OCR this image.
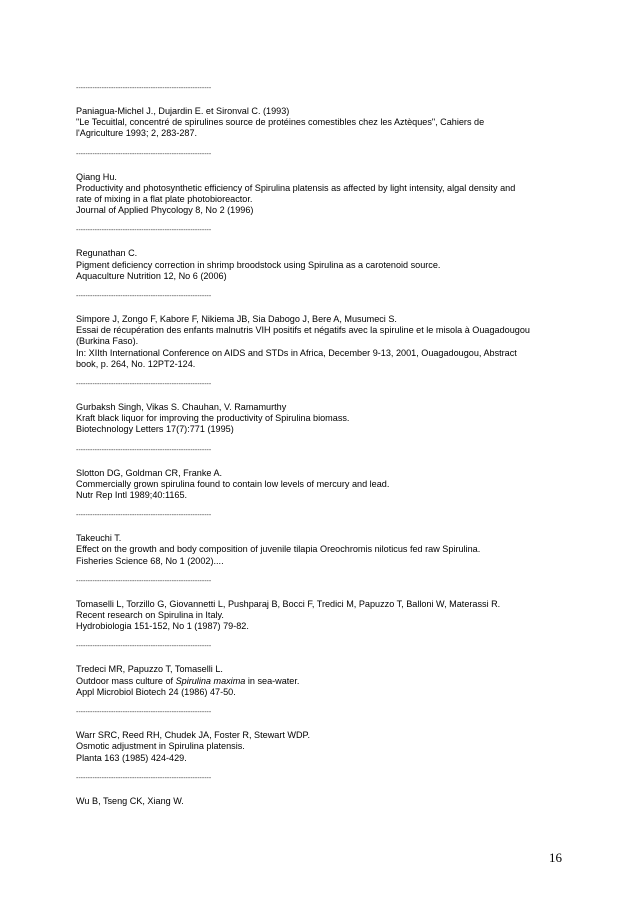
----------------------------------------------------------
Paniagua-Michel J., Dujardin E. et Sironval C. (1993)
"Le Tecuitlal, concentré de spirulines source de protéines comestibles chez les Aztèques", Cahiers de
l'Agriculture 1993; 2, 283-287.
----------------------------------------------------------
Qiang Hu.
Productivity and photosynthetic efficiency of Spirulina platensis as affected by light intensity, algal density and
rate of mixing in a flat plate photobioreactor.
Journal of Applied Phycology 8, No 2 (1996)
----------------------------------------------------------
Regunathan C.
Pigment deficiency correction in shrimp broodstock using Spirulina as a carotenoid source.
Aquaculture Nutrition 12, No 6 (2006)
----------------------------------------------------------
Simpore J, Zongo F, Kabore F, Nikiema JB, Sia Dabogo J, Bere A, Musumeci S.
Essai de récupération des enfants malnutris VIH positifs et négatifs avec la spiruline et le misola à Ouagadougou
(Burkina Faso).
In: XIIth International Conference on AIDS and STDs in Africa, December 9-13, 2001, Ouagadougou, Abstract
book, p. 264, No. 12PT2-124.
----------------------------------------------------------
Gurbaksh Singh, Vikas S. Chauhan, V. Ramamurthy
Kraft black liquor for improving the productivity of Spirulina biomass.
Biotechnology Letters 17(7):771 (1995)
----------------------------------------------------------
Slotton DG, Goldman CR, Franke A.
Commercially grown spirulina found to contain low levels of mercury and lead.
Nutr Rep Intl 1989;40:1165.
----------------------------------------------------------
Takeuchi T.
Effect on the growth and body composition of juvenile tilapia Oreochromis niloticus fed raw Spirulina.
Fisheries Science 68, No 1 (2002)....
----------------------------------------------------------
Tomaselli L, Torzillo G, Giovannetti L, Pushparaj B, Bocci F, Tredici M, Papuzzo T, Balloni W, Materassi R.
Recent research on Spirulina in Italy.
Hydrobiologia 151-152, No 1 (1987) 79-82.
----------------------------------------------------------
Tredeci MR, Papuzzo T, Tomaselli L.
Outdoor mass culture of Spirulina maxima in sea-water.
Appl Microbiol Biotech 24 (1986) 47-50.
----------------------------------------------------------
Warr SRC, Reed RH, Chudek JA, Foster R, Stewart WDP.
Osmotic adjustment in Spirulina platensis.
Planta 163 (1985) 424-429.
----------------------------------------------------------
Wu B, Tseng CK, Xiang W.
16
